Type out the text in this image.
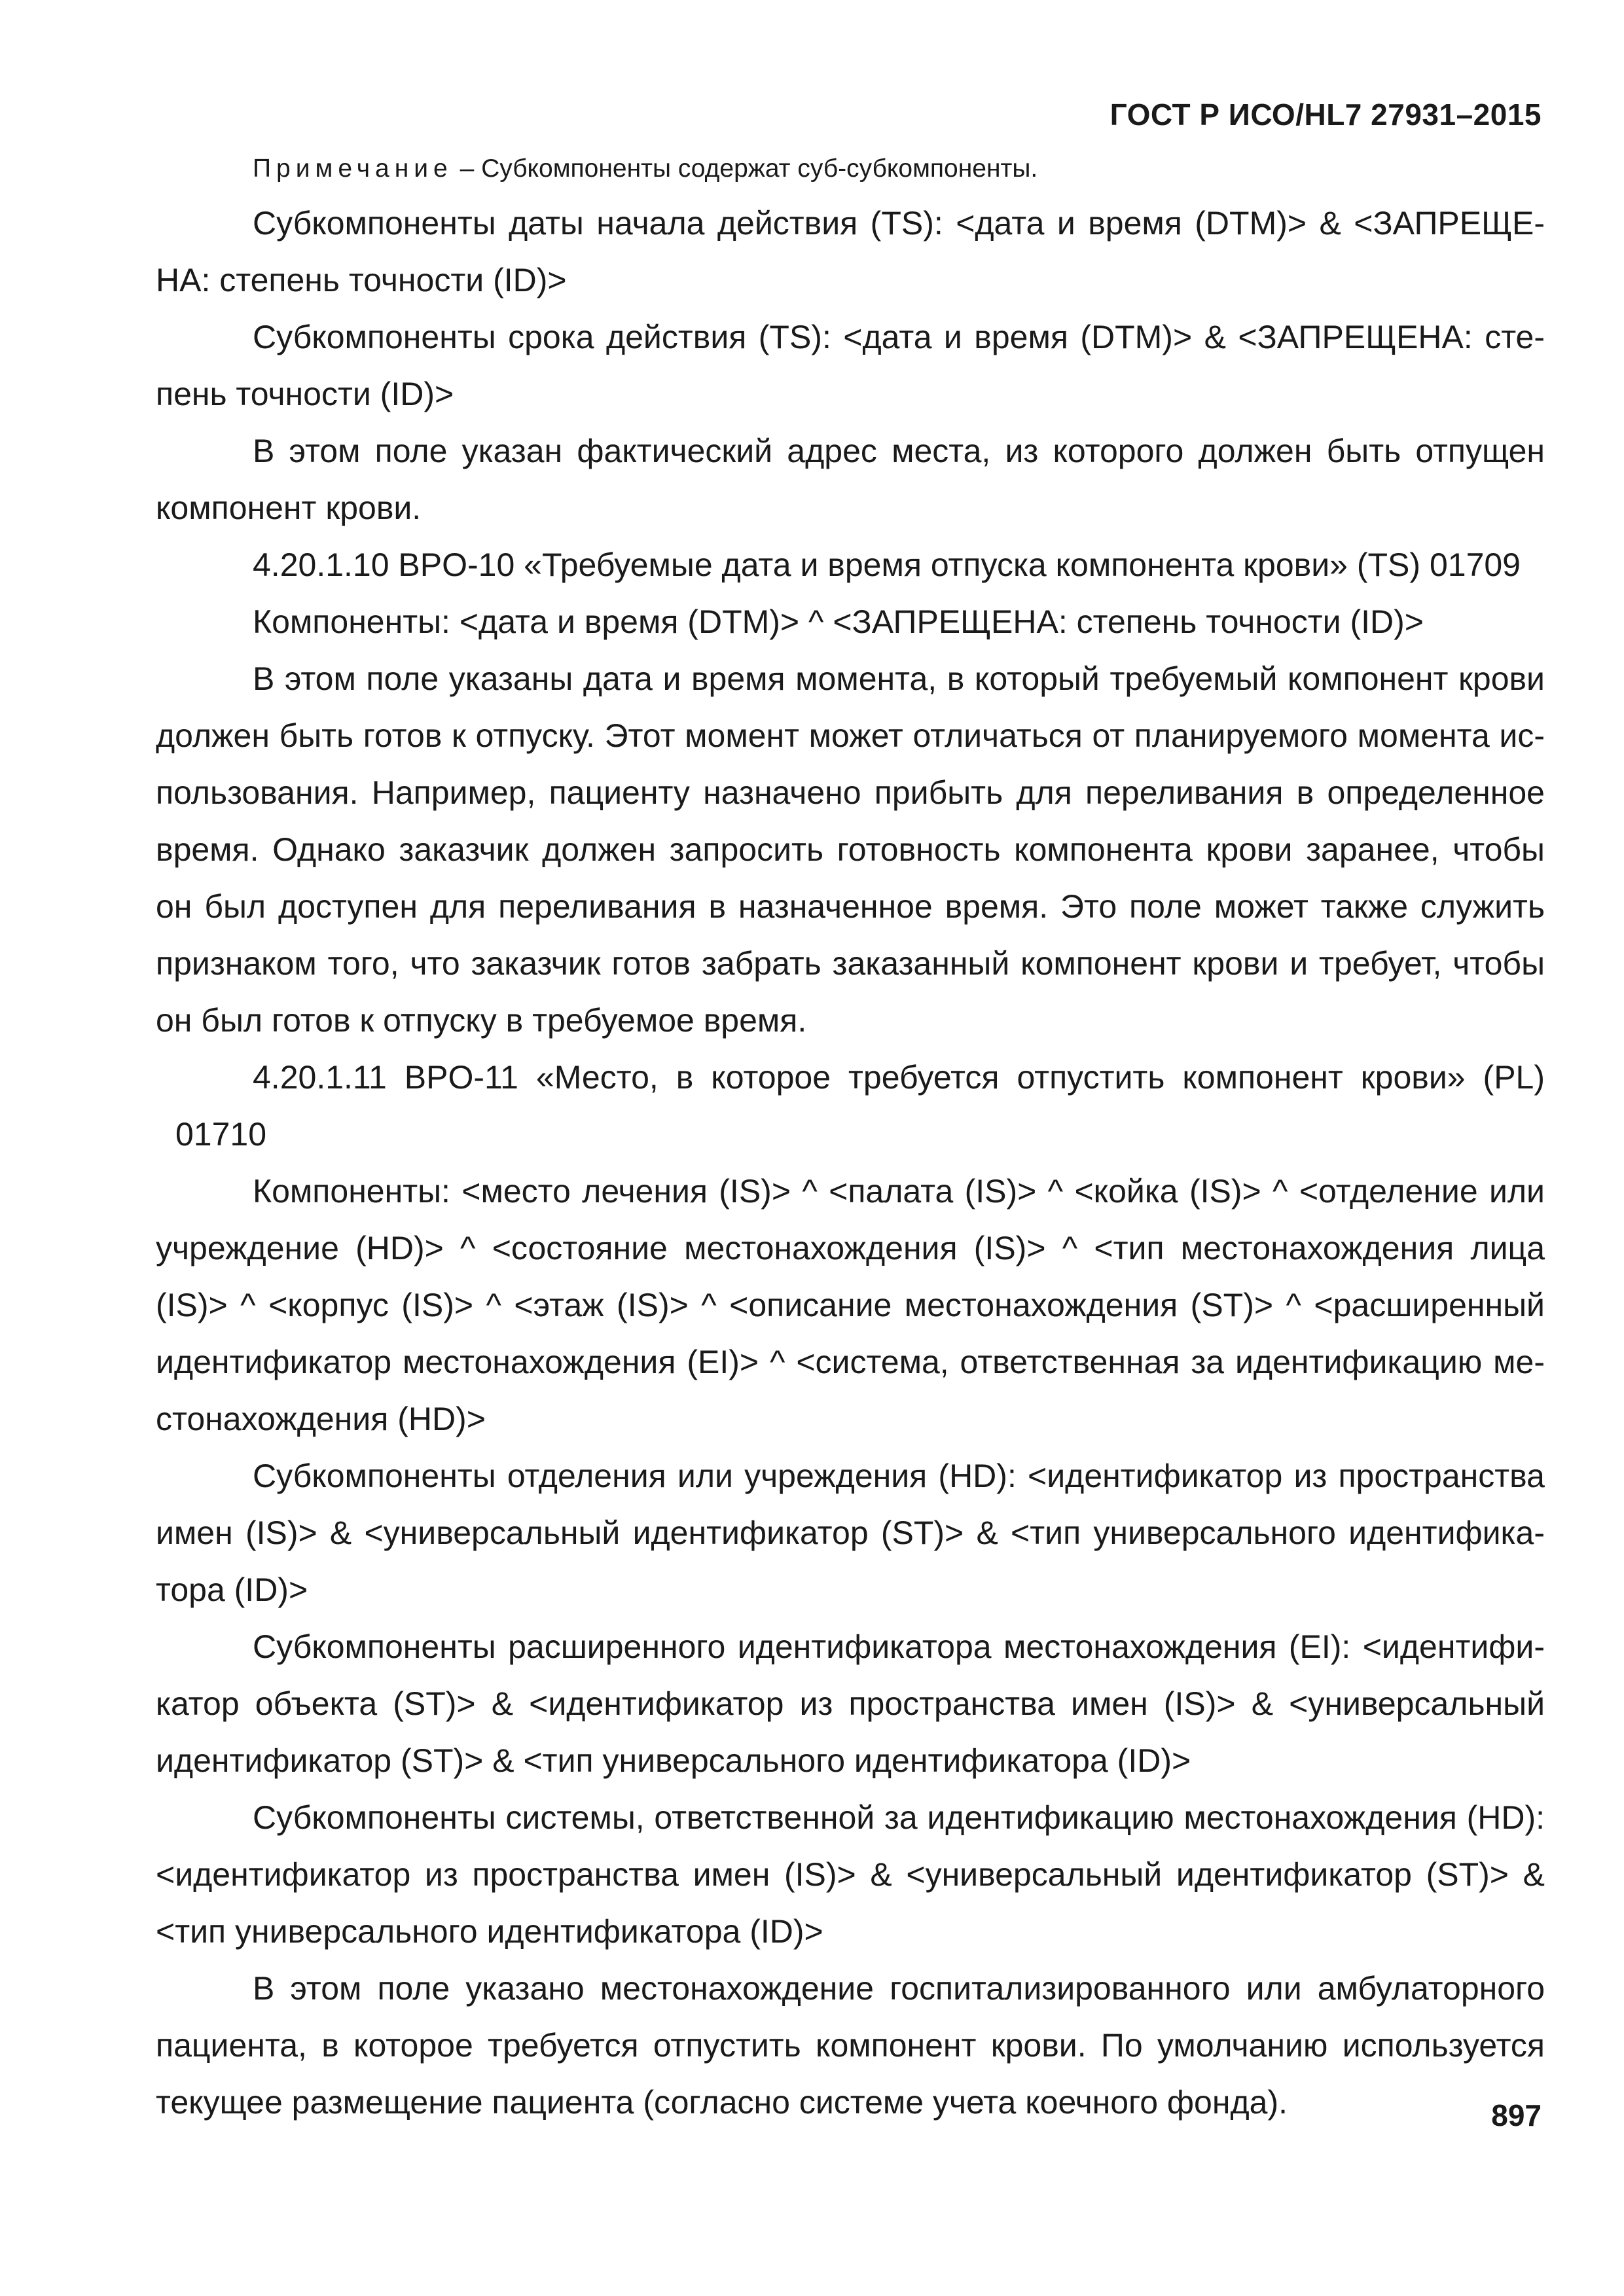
ГОСТ Р ИСО/HL7 27931–2015
Примечание – Субкомпоненты содержат суб-субкомпоненты.

Субкомпоненты даты начала действия (TS): <дата и время (DTM)> & <ЗАПРЕЩЕ-НА: степень точности (ID)>

Субкомпоненты срока действия (TS): <дата и время (DTM)> & <ЗАПРЕЩЕНА: сте-пень точности (ID)>

В этом поле указан фактический адрес места, из которого должен быть отпущен компонент крови.

4.20.1.10 BPO-10 «Требуемые дата и время отпуска компонента крови» (TS) 01709

Компоненты: <дата и время (DTM)> ^ <ЗАПРЕЩЕНА: степень точности (ID)>

В этом поле указаны дата и время момента, в который требуемый компонент крови должен быть готов к отпуску. Этот момент может отличаться от планируемого момента ис-пользования. Например, пациенту назначено прибыть для переливания в определенное время. Однако заказчик должен запросить готовность компонента крови заранее, чтобы он был доступен для переливания в назначенное время. Это поле может также служить признаком того, что заказчик готов забрать заказанный компонент крови и требует, чтобы он был готов к отпуску в требуемое время.

4.20.1.11 BPO-11 «Место, в которое требуется отпустить компонент крови» (PL)
01710

Компоненты: <место лечения (IS)> ^ <палата (IS)> ^ <койка (IS)> ^ <отделение или учреждение (HD)> ^ <состояние местонахождения (IS)> ^ <тип местонахождения лица (IS)> ^ <корпус (IS)> ^ <этаж (IS)> ^ <описание местонахождения (ST)> ^ <расширенный идентификатор местонахождения (EI)> ^ <система, ответственная за идентификацию ме-стонахождения (HD)>

Субкомпоненты отделения или учреждения (HD): <идентификатор из пространства имен (IS)> & <универсальный идентификатор (ST)> & <тип универсального идентифика-тора (ID)>

Субкомпоненты расширенного идентификатора местонахождения (EI): <идентифи-катор объекта (ST)> & <идентификатор из пространства имен (IS)> & <универсальный идентификатор (ST)> & <тип универсального идентификатора (ID)>

Субкомпоненты системы, ответственной за идентификацию местонахождения (HD): <идентификатор из пространства имен (IS)> & <универсальный идентификатор (ST)> & <тип универсального идентификатора (ID)>

В этом поле указано местонахождение госпитализированного или амбулаторного пациента, в которое требуется отпустить компонент крови. По умолчанию используется текущее размещение пациента (согласно системе учета коечного фонда).	897
